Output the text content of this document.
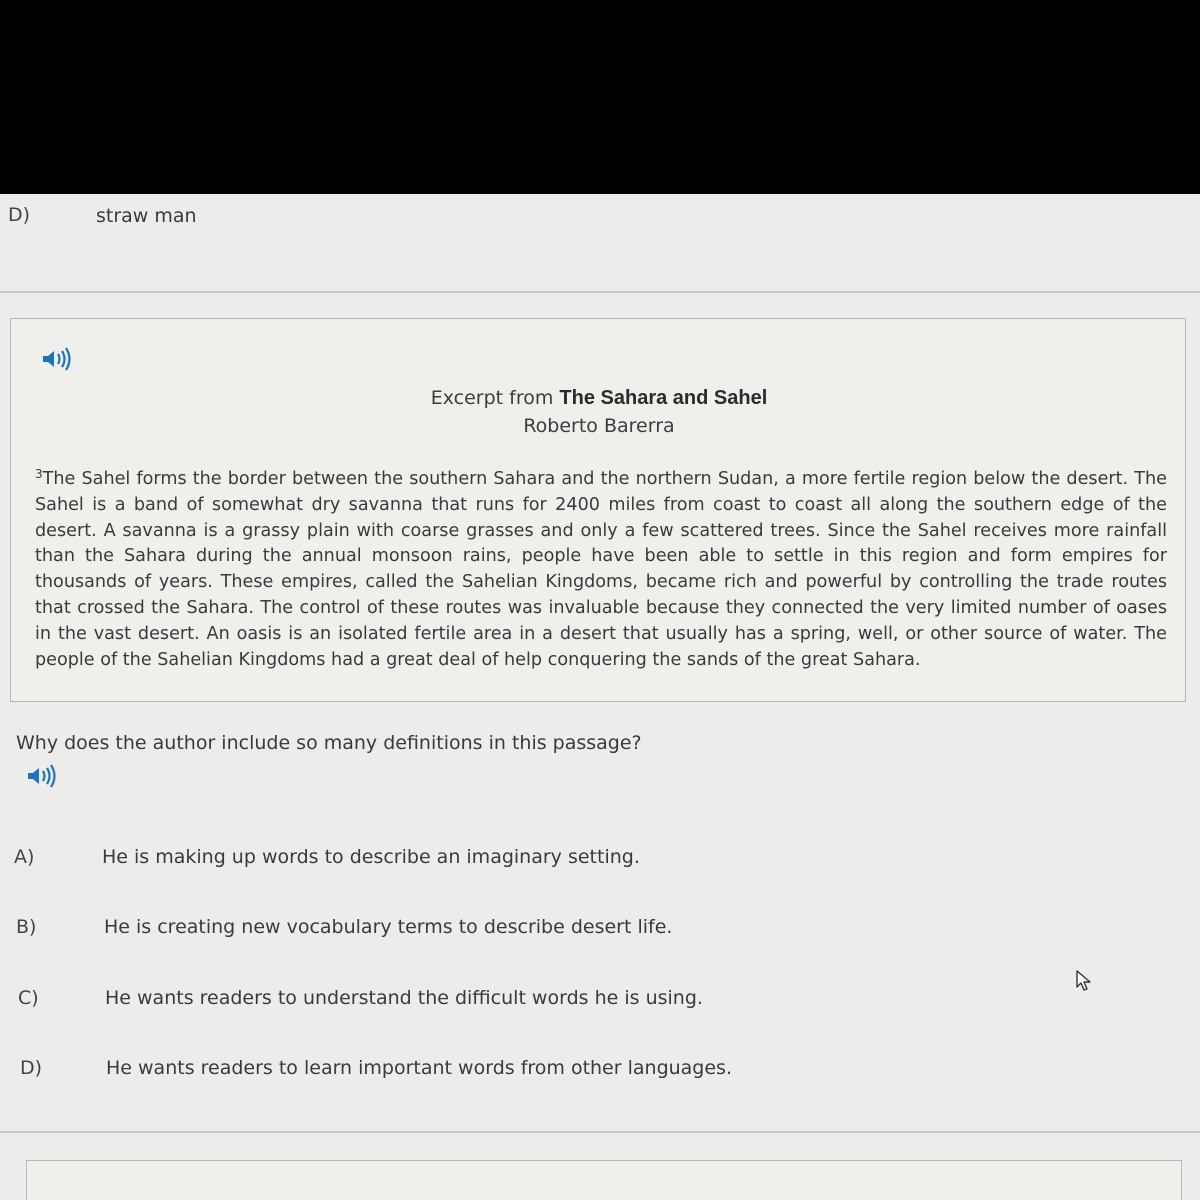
D)	straw man
Excerpt from The Sahara and Sahel
Roberto Barerra
$^3$The Sahel forms the border between the southern Sahara and the northern Sudan, a more fertile region below the desert. The Sahel is a band of somewhat dry savanna that runs for 2400 miles from coast to coast all along the southern edge of the desert. A savanna is a grassy plain with coarse grasses and only a few scattered trees. Since the Sahel receives more rainfall than the Sahara during the annual monsoon rains, people have been able to settle in this region and form empires for thousands of years. These empires, called the Sahelian Kingdoms, became rich and powerful by controlling the trade routes that crossed the Sahara. The control of these routes was invaluable because they connected the very limited number of oases in the vast desert. An oasis is an isolated fertile area in a desert that usually has a spring, well, or other source of water. The people of the Sahelian Kingdoms had a great deal of help conquering the sands of the great Sahara.
Why does the author include so many definitions in this passage?
A)	He is making up words to describe an imaginary setting.
B)	He is creating new vocabulary terms to describe desert life.
C)	He wants readers to understand the difficult words he is using.
D)	He wants readers to learn important words from other languages.
